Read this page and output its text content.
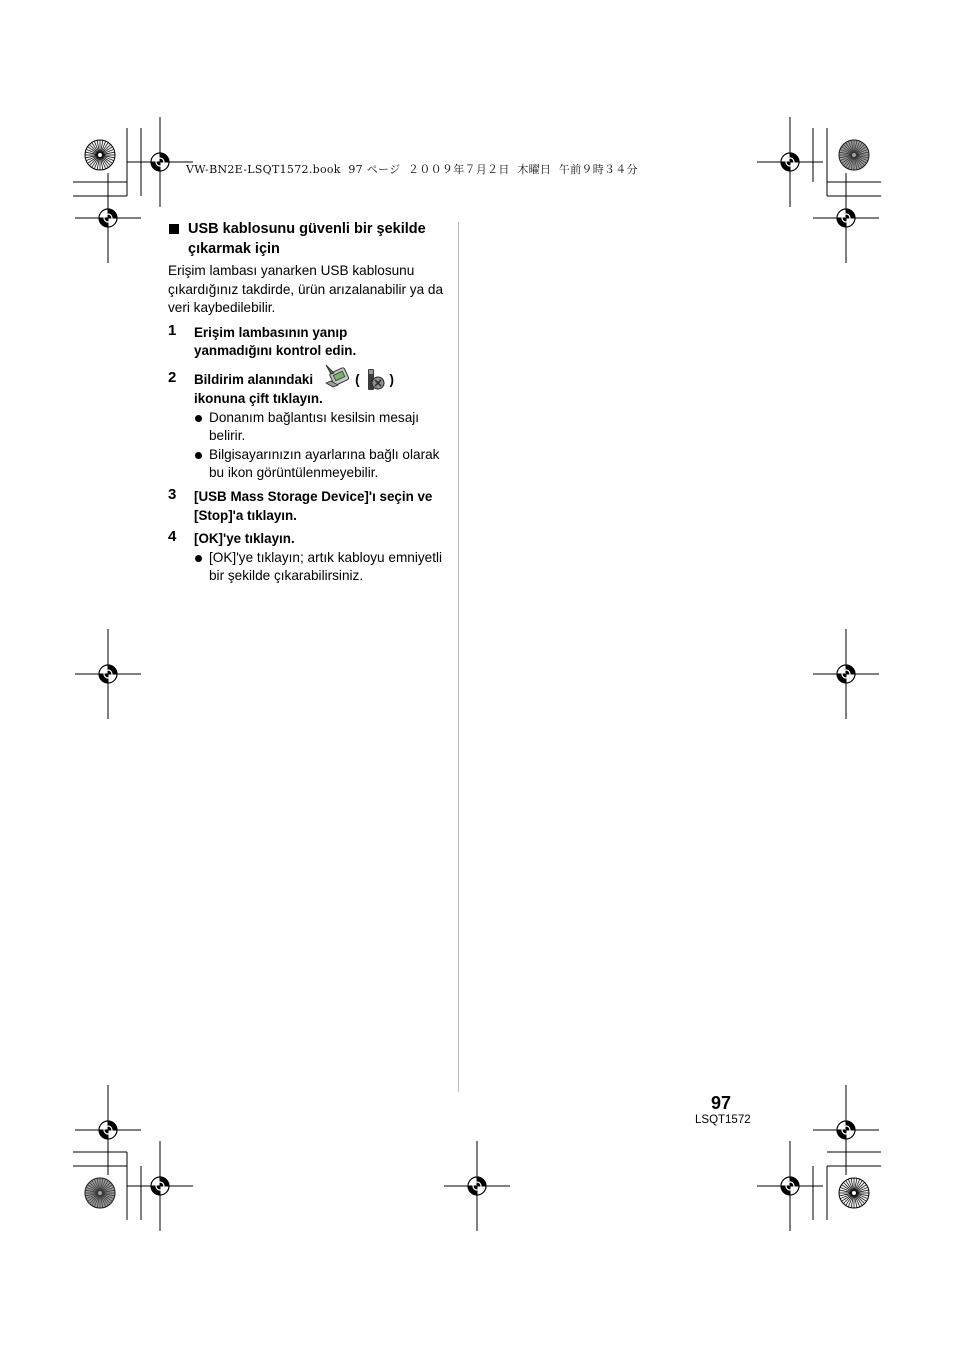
VW-BN2E-LSQT1572.book  97 ページ  ２００９年７月２日  木曜日  午前９時３４分
USB kablosunu güvenli bir şekilde çıkarmak için
Erişim lambası yanarken USB kablosunu çıkardığınız takdirde, ürün arızalanabilir ya da veri kaybedilebilir.
1 Erişim lambasının yanıp yanmadığını kontrol edin.
2 Bildirim alanındaki	( )
ikonuna çift tıklayın.
Donanım bağlantısı kesilsin mesajı belirir.
Bilgisayarınızın ayarlarına bağlı olarak bu ikon görüntülenmeyebilir.
3 [USB Mass Storage Device]'ı seçin ve [Stop]'a tıklayın.
4 [OK]'ye tıklayın.
[OK]'ye tıklayın; artık kabloyu emniyetli bir şekilde çıkarabilirsiniz.
97
LSQT1572
